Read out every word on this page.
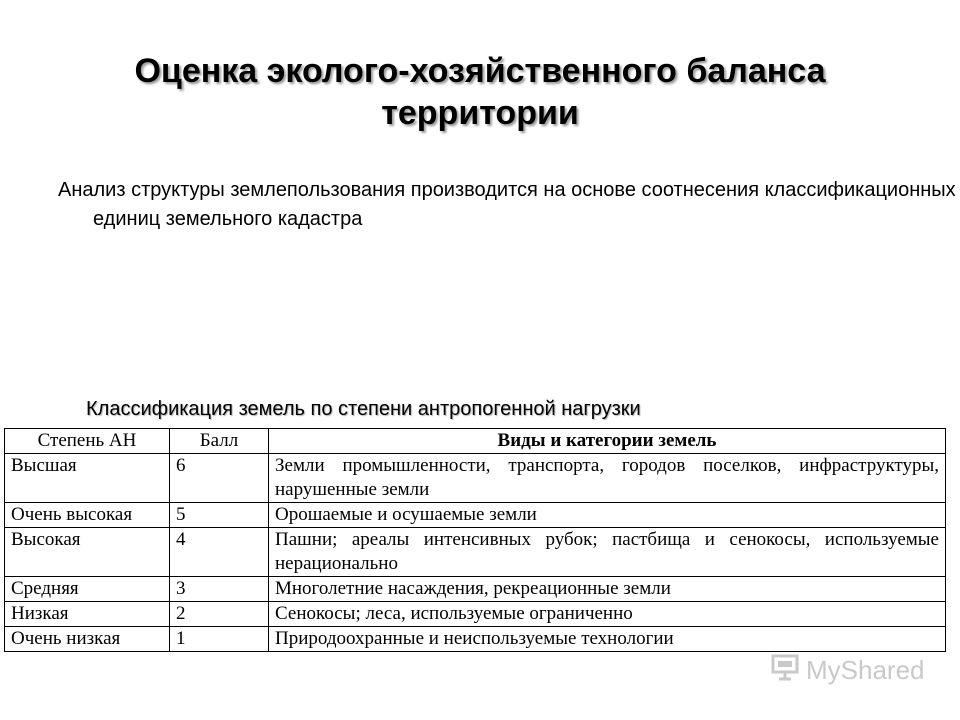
Оценка эколого-хозяйственного баланса
территории
Анализ структуры землепользования производится на основе соотнесения классификационных единиц земельного кадастра
Классификация земель по степени антропогенной нагрузки
Степень АН	Балл	Виды и категории земель
Высшая	6	Земли промышленности, транспорта, городов поселков, инфраструктуры, нарушенные земли
Очень высокая	5	Орошаемые и осушаемые земли
Высокая	4	Пашни; ареалы интенсивных рубок; пастбища и сенокосы, используемые нерационально
Средняя	3	Многолетние насаждения, рекреационные земли
Низкая	2	Сенокосы; леса, используемые ограниченно
Очень низкая	1	Природоохранные и неиспользуемые технологии
MyShared
